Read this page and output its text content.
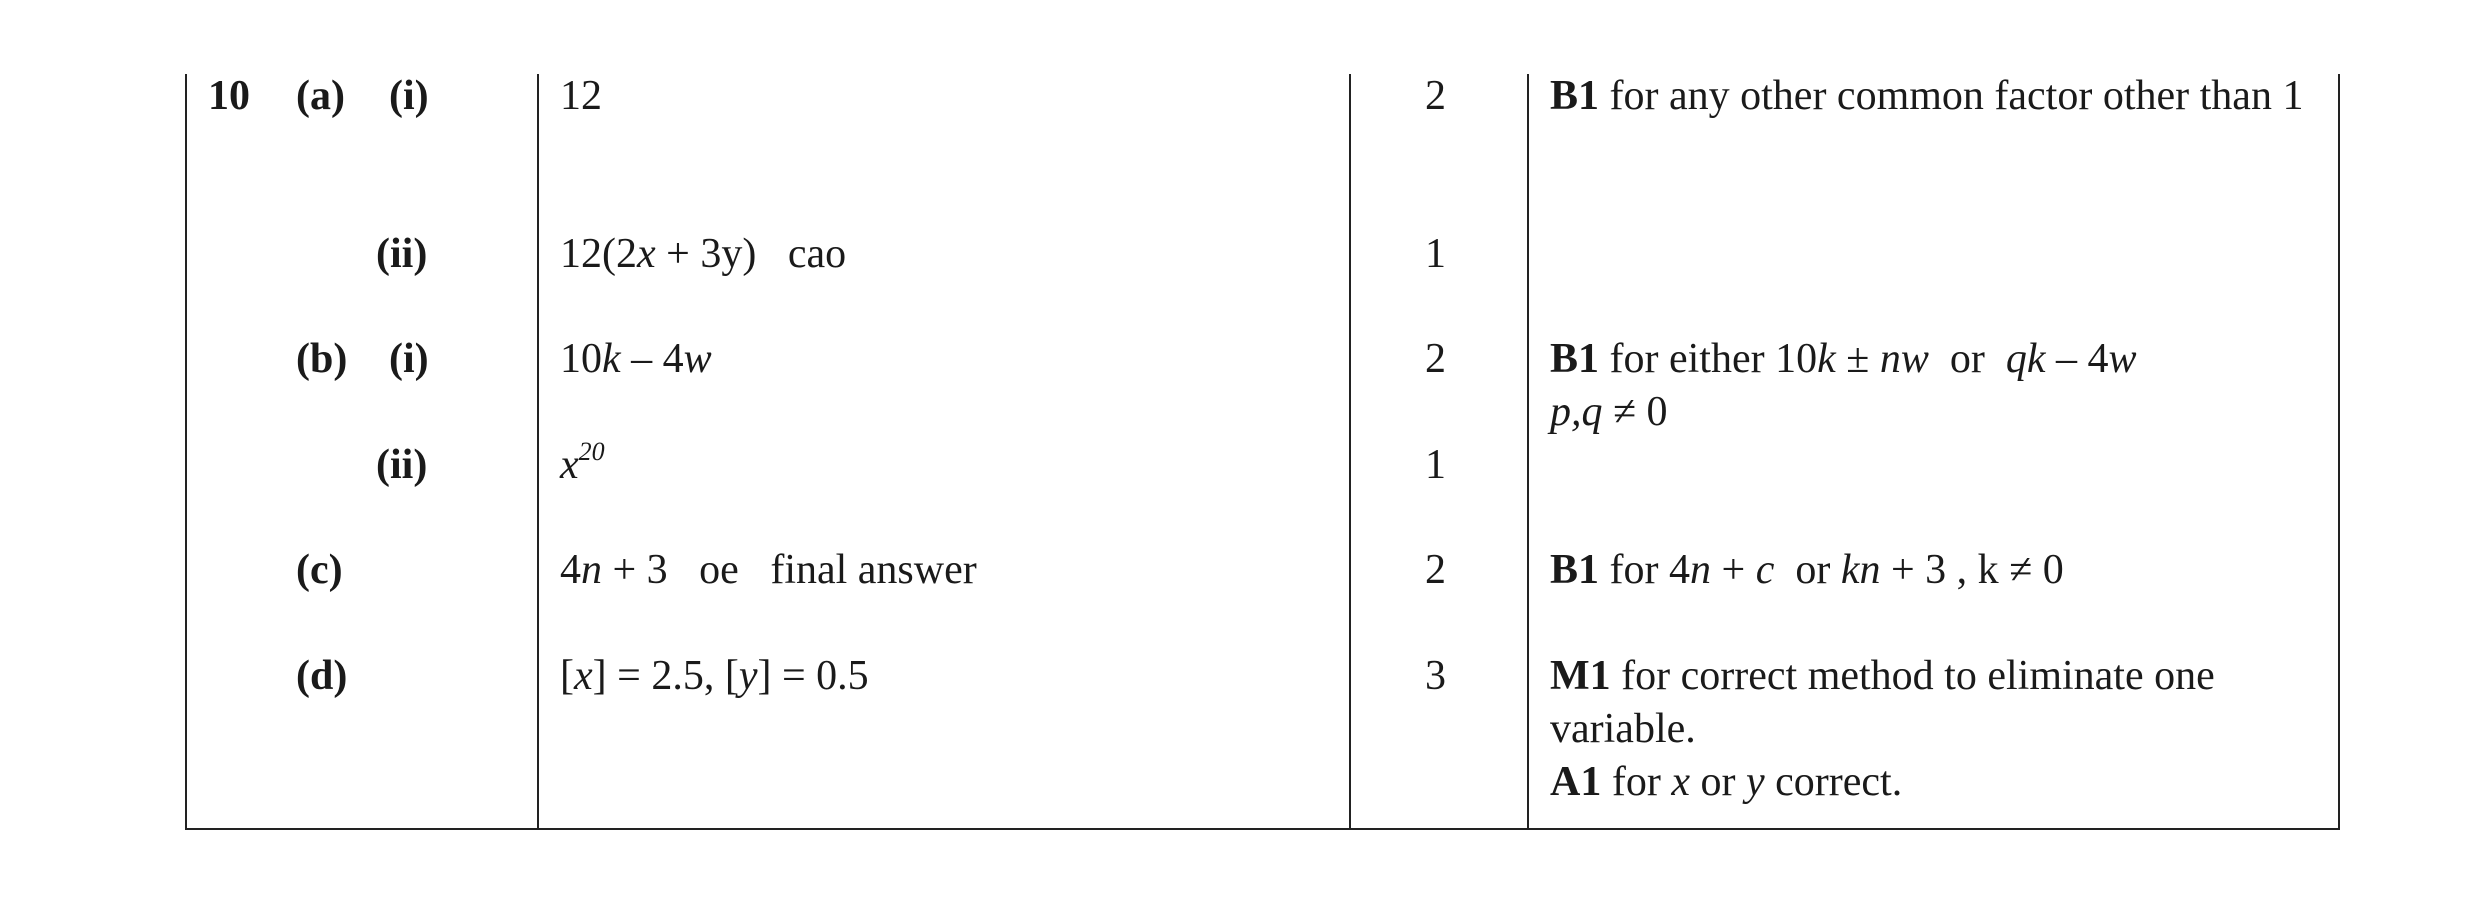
10 (a) (i)	12	2 B1 for any other common factor other than 1
(ii)	12(2x + 3y)   cao	1
(b) (i)	10k – 4w	2 B1 for either 10k ± nw  or  qk – 4w
p,q ≠ 0
(ii)	$x^{20}$	1
(c)	4n + 3   oe   final answer	2 B1 for 4n + c  or kn + 3 , k ≠ 0
(d)	[x] = 2.5, [y] = 0.5	3 M1 for correct method to eliminate one
variable.
A1 for x or y correct.
